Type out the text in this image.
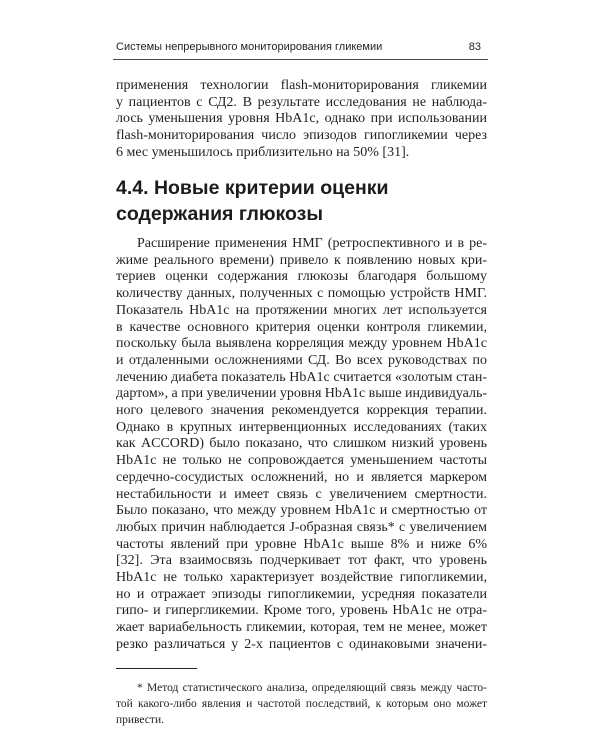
Системы непрерывного мониторирования гликемии	83
применения технологии flash-мониторирования гликемии
у пациентов с СД2. В результате исследования не наблюда-
лось уменьшения уровня HbA1c, однако при использовании
flash-мониторирования число эпизодов гипогликемии через
6 мес уменьшилось приблизительно на 50% [31].
4.4. Новые критерии оценки
содержания глюкозы
Расширение применения НМГ (ретроспективного и в ре-
жиме реального времени) привело к появлению новых кри-
териев оценки содержания глюкозы благодаря большому
количеству данных, полученных с помощью устройств НМГ.
Показатель HbA1c на протяжении многих лет используется
в качестве основного критерия оценки контроля гликемии,
поскольку была выявлена корреляция между уровнем HbA1c
и отдаленными осложнениями СД. Во всех руководствах по
лечению диабета показатель HbA1c считается «золотым стан-
дартом», а при увеличении уровня HbA1c выше индивидуаль-
ного целевого значения рекомендуется коррекция терапии.
Однако в крупных интервенционных исследованиях (таких
как ACCORD) было показано, что слишком низкий уровень
HbA1c не только не сопровождается уменьшением частоты
сердечно-сосудистых осложнений, но и является маркером
нестабильности и имеет связь с увеличением смертности.
Было показано, что между уровнем HbA1c и смертностью от
любых причин наблюдается J-образная связь* с увеличением
частоты явлений при уровне HbA1c выше 8% и ниже 6%
[32]. Эта взаимосвязь подчеркивает тот факт, что уровень
HbA1c не только характеризует воздействие гипогликемии,
но и отражает эпизоды гипогликемии, усредняя показатели
гипо- и гипергликемии. Кроме того, уровень HbA1c не отра-
жает вариабельность гликемии, которая, тем не менее, может
резко различаться у 2-х пациентов с одинаковыми значени-
* Метод статистического анализа, определяющий связь между часто-
той какого-либо явления и частотой последствий, к которым оно может
привести.
